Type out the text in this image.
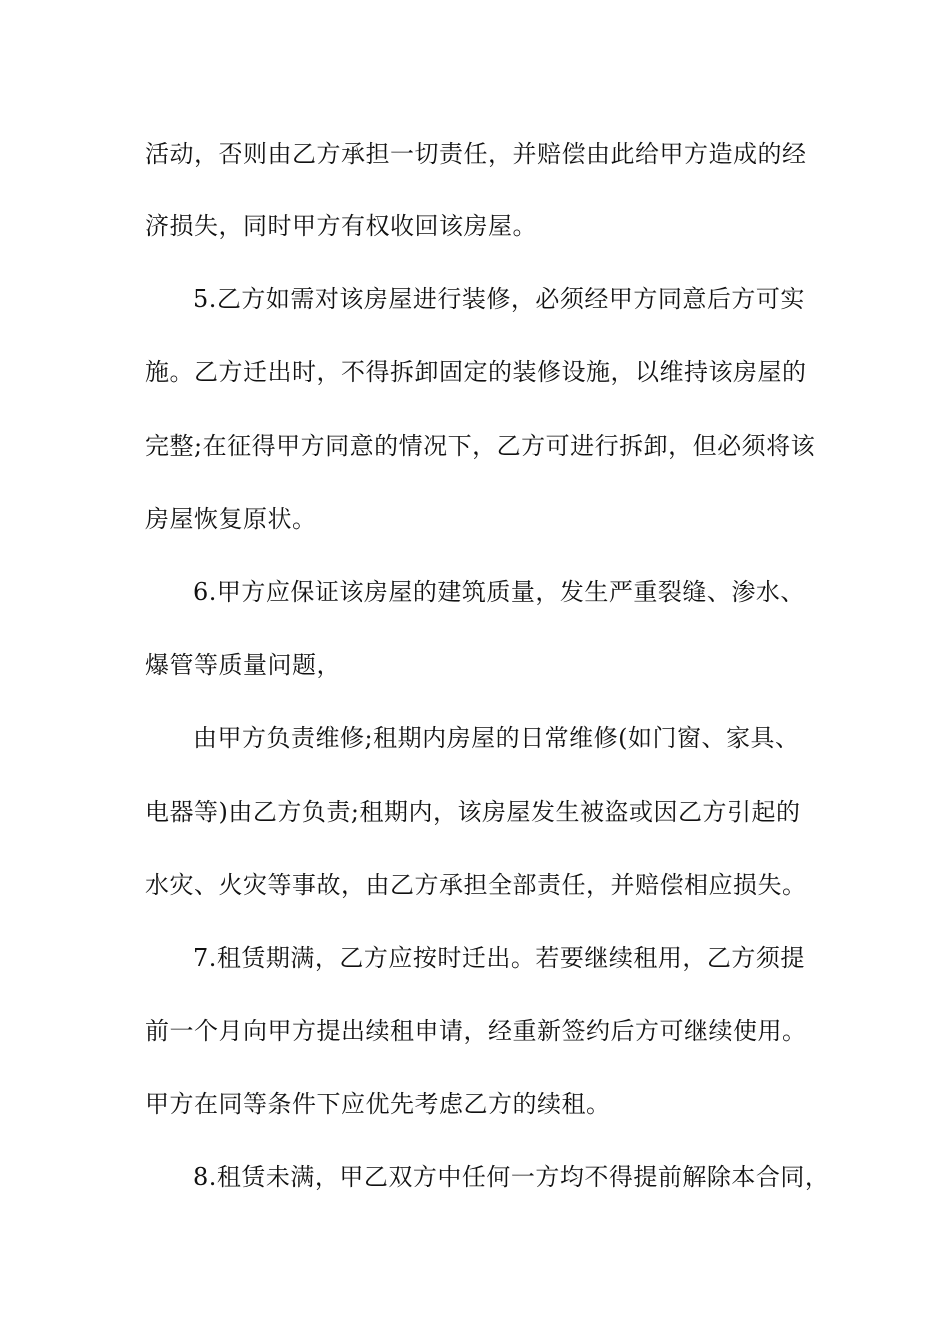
活动，否则由乙方承担一切责任，并赔偿由此给甲方造成的经
济损失，同时甲方有权收回该房屋。
5.乙方如需对该房屋进行装修，必须经甲方同意后方可实
施。乙方迁出时，不得拆卸固定的装修设施，以维持该房屋的
完整;在征得甲方同意的情况下，乙方可进行拆卸，但必须将该
房屋恢复原状。
6.甲方应保证该房屋的建筑质量，发生严重裂缝、渗水、
爆管等质量问题，
由甲方负责维修;租期内房屋的日常维修(如门窗、家具、
电器等)由乙方负责;租期内，该房屋发生被盗或因乙方引起的
水灾、火灾等事故，由乙方承担全部责任，并赔偿相应损失。
7.租赁期满，乙方应按时迁出。若要继续租用，乙方须提
前一个月向甲方提出续租申请，经重新签约后方可继续使用。
甲方在同等条件下应优先考虑乙方的续租。
8.租赁未满，甲乙双方中任何一方均不得提前解除本合同，
